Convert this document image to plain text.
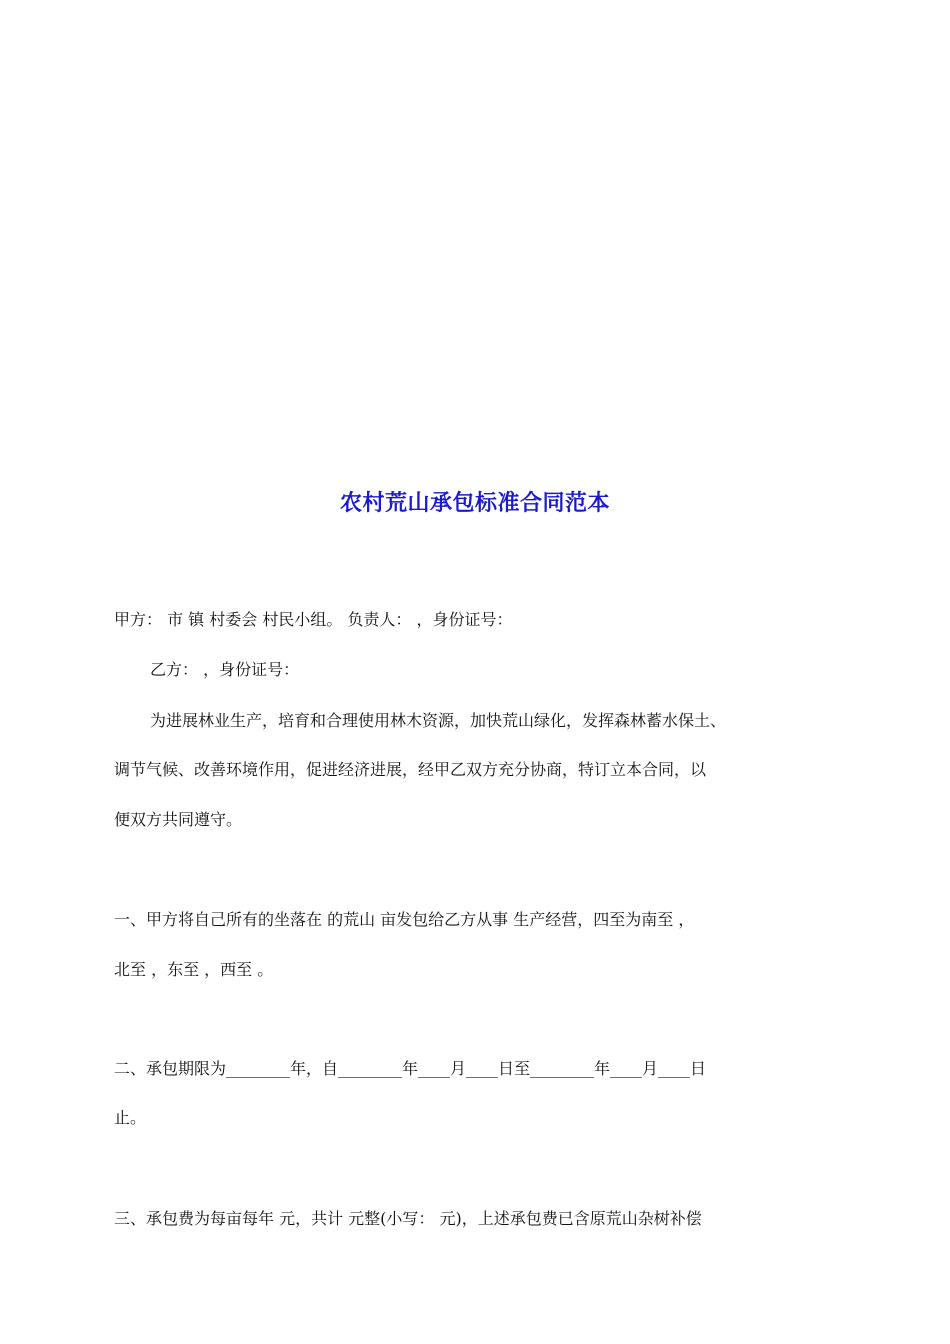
农村荒山承包标准合同范本

甲方： 市 镇 村委会 村民小组。 负责人： ，身份证号：

乙方： ，身份证号：

为进展林业生产，培育和合理使用林木资源，加快荒山绿化，发挥森林蓄水保土、

调节气候、改善环境作用，促进经济进展，经甲乙双方充分协商，特订立本合同，以

便双方共同遵守。

一、甲方将自己所有的坐落在 的荒山 亩发包给乙方从事 生产经营，四至为南至 ，

北至 ，东至 ，西至 。

二、承包期限为________年，自________年____月____日至________年____月____日

止。

三、承包费为每亩每年 元，共计 元整(小写： 元)，上述承包费已含原荒山杂树补偿
